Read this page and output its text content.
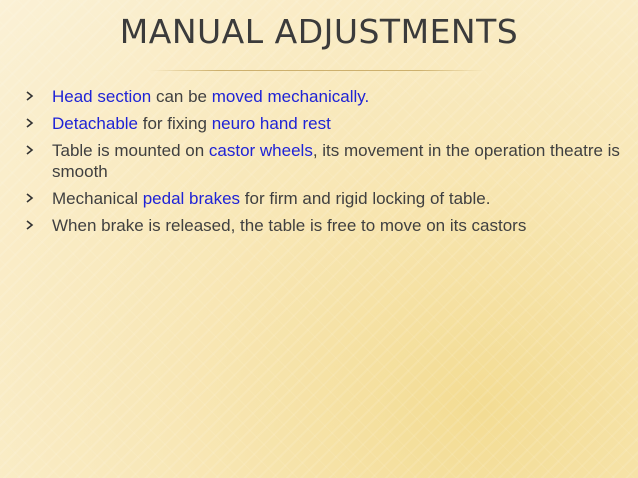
MANUAL ADJUSTMENTS
Head section can be moved mechanically.
Detachable for fixing neuro hand rest
Table is mounted on castor wheels, its movement in the operation theatre is smooth
Mechanical pedal brakes for firm and rigid locking of table.
When brake is released, the table is free to move on its castors
